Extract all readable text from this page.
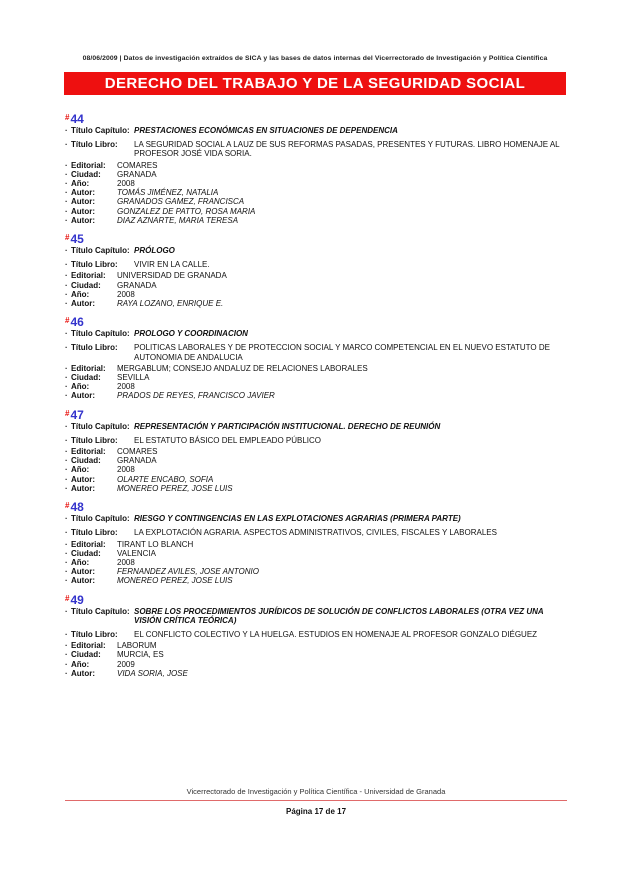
08/06/2009 | Datos de investigación extraídos de SICA y las bases de datos internas del Vicerrectorado de Investigación y Política Científica
DERECHO DEL TRABAJO Y DE LA SEGURIDAD SOCIAL
#44
· Título Capítulo: PRESTACIONES ECONÓMICAS EN SITUACIONES DE DEPENDENCIA
· Título Libro:	LA SEGURIDAD SOCIAL A LAUZ DE SUS REFORMAS PASADAS, PRESENTES Y FUTURAS. LIBRO HOMENAJE AL PROFESOR JOSÉ VIDA SORIA.
· Editorial:	COMARES
· Ciudad:	GRANADA
· Año:	2008
· Autor:	TOMÁS JIMÉNEZ, NATALIA
· Autor:	GRANADOS GAMEZ, FRANCISCA
· Autor:	GONZALEZ DE PATTO, ROSA MARIA
· Autor:	DIAZ AZNARTE, MARIA TERESA
#45
· Título Capítulo: PRÓLOGO
· Título Libro:	VIVIR EN LA CALLE.
· Editorial:	UNIVERSIDAD DE GRANADA
· Ciudad:	GRANADA
· Año:	2008
· Autor:	RAYA LOZANO, ENRIQUE E.
#46
· Título Capítulo: PROLOGO Y COORDINACION
· Título Libro:	POLITICAS LABORALES Y DE PROTECCION SOCIAL Y MARCO COMPETENCIAL EN EL NUEVO ESTATUTO DE AUTONOMIA DE ANDALUCIA
· Editorial:	MERGABLUM; CONSEJO ANDALUZ DE RELACIONES LABORALES
· Ciudad:	SEVILLA
· Año:	2008
· Autor:	PRADOS DE REYES, FRANCISCO JAVIER
#47
· Título Capítulo: REPRESENTACIÓN Y PARTICIPACIÓN INSTITUCIONAL. DERECHO DE REUNIÓN
· Título Libro:	EL ESTATUTO BÁSICO DEL EMPLEADO PÚBLICO
· Editorial:	COMARES
· Ciudad:	GRANADA
· Año:	2008
· Autor:	OLARTE ENCABO, SOFIA
· Autor:	MONEREO PEREZ, JOSE LUIS
#48
· Título Capítulo: RIESGO Y CONTINGENCIAS EN LAS EXPLOTACIONES AGRARIAS (PRIMERA PARTE)
· Título Libro:	LA EXPLOTACIÓN AGRARIA. ASPECTOS ADMINISTRATIVOS, CIVILES, FISCALES Y LABORALES
· Editorial:	TIRANT LO BLANCH
· Ciudad:	VALENCIA
· Año:	2008
· Autor:	FERNANDEZ AVILES, JOSE ANTONIO
· Autor:	MONEREO PEREZ, JOSE LUIS
#49
· Título Capítulo: SOBRE LOS PROCEDIMIENTOS JURÍDICOS DE SOLUCIÓN DE CONFLICTOS LABORALES (OTRA VEZ UNA VISIÓN CRÍTICA TEÓRICA)
· Título Libro:	EL CONFLICTO COLECTIVO Y LA HUELGA. ESTUDIOS EN HOMENAJE AL PROFESOR GONZALO DIÉGUEZ
· Editorial:	LABORUM
· Ciudad:	MURCIA, ES
· Año:	2009
· Autor:	VIDA SORIA, JOSE
Vicerrectorado de Investigación y Política Científica - Universidad de Granada
Página 17 de 17
